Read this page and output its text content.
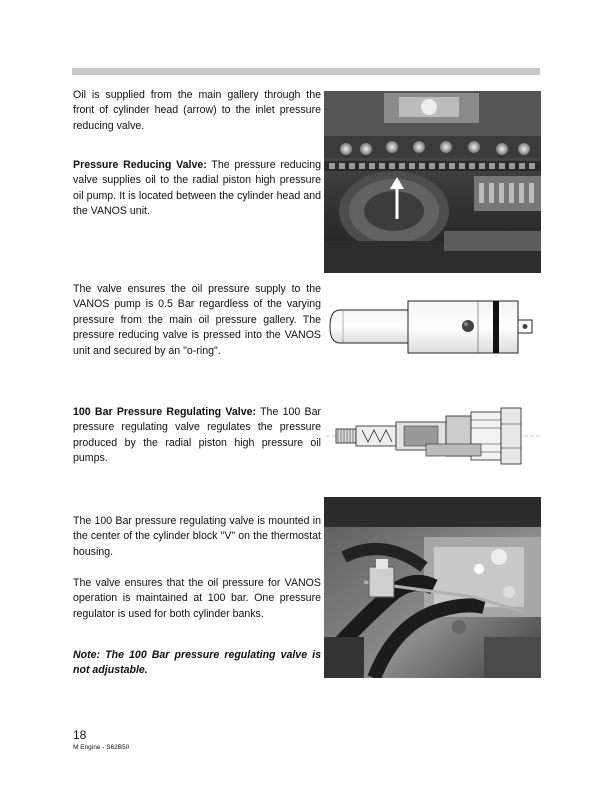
Oil is supplied from the main gallery through the front of cylinder head (arrow) to the inlet pressure reducing valve.

Pressure Reducing Valve: The pressure reducing valve supplies oil to the radial piston high pressure oil pump. It is located between the cylinder head and the VANOS unit.

The valve ensures the oil pressure supply to the VANOS pump is 0.5 Bar regardless of the varying pressure from the main oil pressure gallery. The pressure reducing valve is pressed into the VANOS unit and secured by an "o-ring".

100 Bar Pressure Regulating Valve: The 100 Bar pressure regulating valve regulates the pressure produced by the radial piston high pressure oil pumps.

The 100 Bar pressure regulating valve is mounted in the center of the cylinder block "V" on the thermostat housing.

The valve ensures that the oil pressure for VANOS operation is maintained at 100 bar. One pressure regulator is used for both cylinder banks.

Note: The 100 Bar pressure regulating valve is not adjustable.

18
M Engine - S62B50
